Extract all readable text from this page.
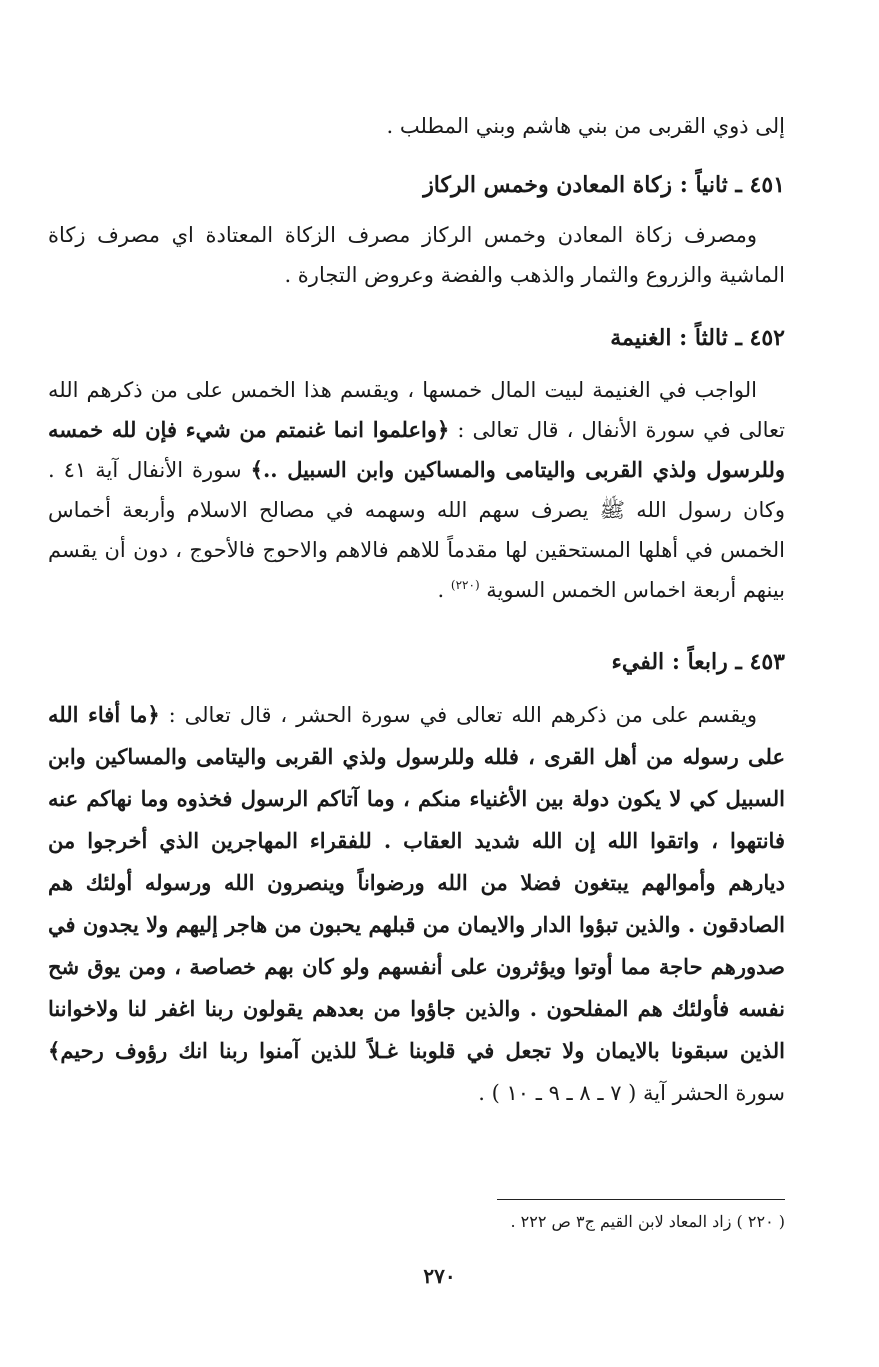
إلى ذوي القربى من بني هاشم وبني المطلب .

٤٥١ ـ ثانياً : زكاة المعادن وخمس الركاز

ومصرف زكاة المعادن وخمس الركاز مصرف الزكاة المعتادة اي مصرف زكاة الماشية والزروع والثمار والذهب والفضة وعروض التجارة .

٤٥٢ ـ ثالثاً : الغنيمة

الواجب في الغنيمة لبيت المال خمسها ، ويقسم هذا الخمس على من ذكرهم الله تعالى في سورة الأنفال ، قال تعالى : ﴿واعلموا انما غنمتم من شيء فإن لله خمسه وللرسول ولذي القربى واليتامى والمساكين وابن السبيل ..﴾ سورة الأنفال آية ٤١ . وكان رسول الله ﷺ يصرف سهم الله وسهمه في مصالح الاسلام وأربعة أخماس الخمس في أهلها المستحقين لها مقدماً للاهم فالاهم والاحوج فالأحوج ، دون أن يقسم بينهم أربعة اخماس الخمس السوية $^{(٢٢٠)}$ .

٤٥٣ ـ رابعاً : الفيء

ويقسم على من ذكرهم الله تعالى في سورة الحشر ، قال تعالى : ﴿ما أفاء الله على رسوله من أهل القرى ، فلله وللرسول ولذي القربى واليتامى والمساكين وابن السبيل كي لا يكون دولة بين الأغنياء منكم ، وما آتاكم الرسول فخذوه وما نهاكم عنه فانتهوا ، واتقوا الله إن الله شديد العقاب . للفقراء المهاجرين الذي أخرجوا من ديارهم وأموالهم يبتغون فضلا من الله ورضواناً وينصرون الله ورسوله أولئك هم الصادقون . والذين تبؤوا الدار والايمان من قبلهم يحبون من هاجر إليهم ولا يجدون في صدورهم حاجة مما أوتوا ويؤثرون على أنفسهم ولو كان بهم خصاصة ، ومن يوق شح نفسه فأولئك هم المفلحون . والذين جاؤوا من بعدهم يقولون ربنا اغفر لنا ولاخواننا الذين سبقونا بالايمان ولا تجعل في قلوبنا غـلاً للذين آمنوا ربنا انك رؤوف رحيم﴾ سورة الحشر آية ( ٧ ـ ٨ ـ ٩ ـ ١٠ ) .

( ٢٢٠ ) زاد المعاد لابن القيم ج٣ ص ٢٢٢ .
٢٧٠
